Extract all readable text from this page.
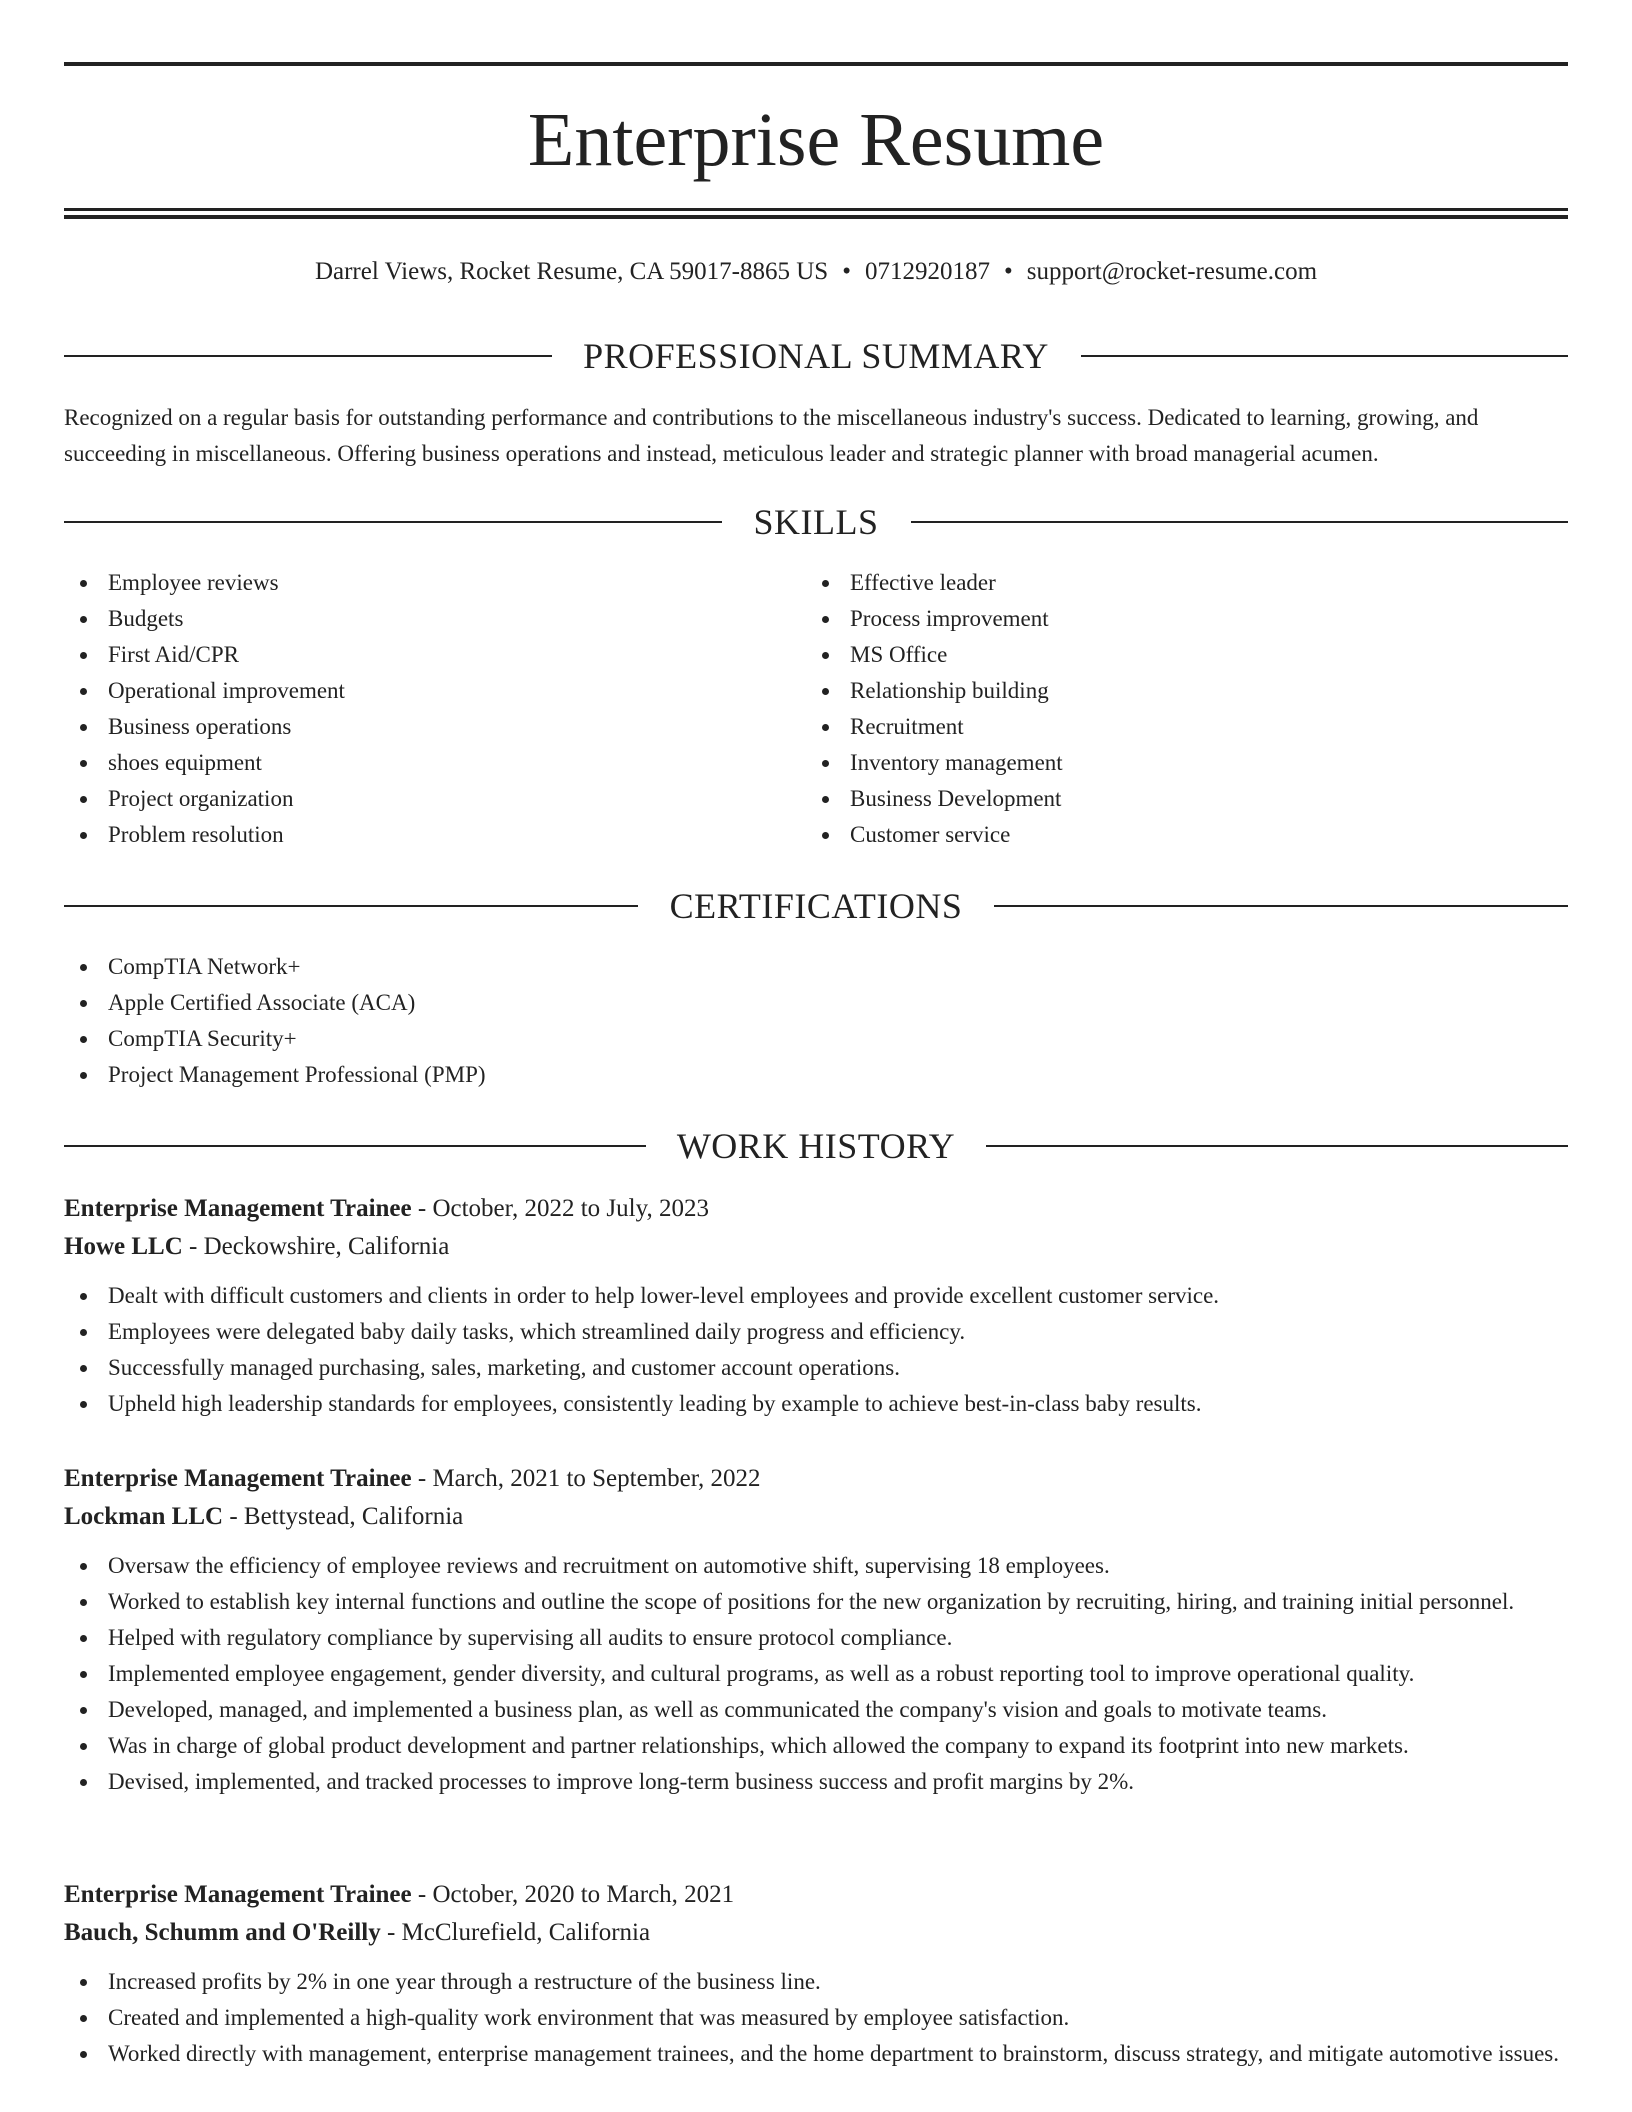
Enterprise Resume
Darrel Views, Rocket Resume, CA 59017-8865 US • 0712920187 • support@rocket-resume.com
PROFESSIONAL SUMMARY
Recognized on a regular basis for outstanding performance and contributions to the miscellaneous industry's success. Dedicated to learning, growing, and succeeding in miscellaneous. Offering business operations and instead, meticulous leader and strategic planner with broad managerial acumen.
SKILLS
Employee reviews
Budgets
First Aid/CPR
Operational improvement
Business operations
shoes equipment
Project organization
Problem resolution
Effective leader
Process improvement
MS Office
Relationship building
Recruitment
Inventory management
Business Development
Customer service
CERTIFICATIONS
CompTIA Network+
Apple Certified Associate (ACA)
CompTIA Security+
Project Management Professional (PMP)
WORK HISTORY
Enterprise Management Trainee - October, 2022 to July, 2023
Howe LLC - Deckowshire, California
Dealt with difficult customers and clients in order to help lower-level employees and provide excellent customer service.
Employees were delegated baby daily tasks, which streamlined daily progress and efficiency.
Successfully managed purchasing, sales, marketing, and customer account operations.
Upheld high leadership standards for employees, consistently leading by example to achieve best-in-class baby results.
Enterprise Management Trainee - March, 2021 to September, 2022
Lockman LLC - Bettystead, California
Oversaw the efficiency of employee reviews and recruitment on automotive shift, supervising 18 employees.
Worked to establish key internal functions and outline the scope of positions for the new organization by recruiting, hiring, and training initial personnel.
Helped with regulatory compliance by supervising all audits to ensure protocol compliance.
Implemented employee engagement, gender diversity, and cultural programs, as well as a robust reporting tool to improve operational quality.
Developed, managed, and implemented a business plan, as well as communicated the company's vision and goals to motivate teams.
Was in charge of global product development and partner relationships, which allowed the company to expand its footprint into new markets.
Devised, implemented, and tracked processes to improve long-term business success and profit margins by 2%.
Enterprise Management Trainee - October, 2020 to March, 2021
Bauch, Schumm and O'Reilly - McClurefield, California
Increased profits by 2% in one year through a restructure of the business line.
Created and implemented a high-quality work environment that was measured by employee satisfaction.
Worked directly with management, enterprise management trainees, and the home department to brainstorm, discuss strategy, and mitigate automotive issues.
